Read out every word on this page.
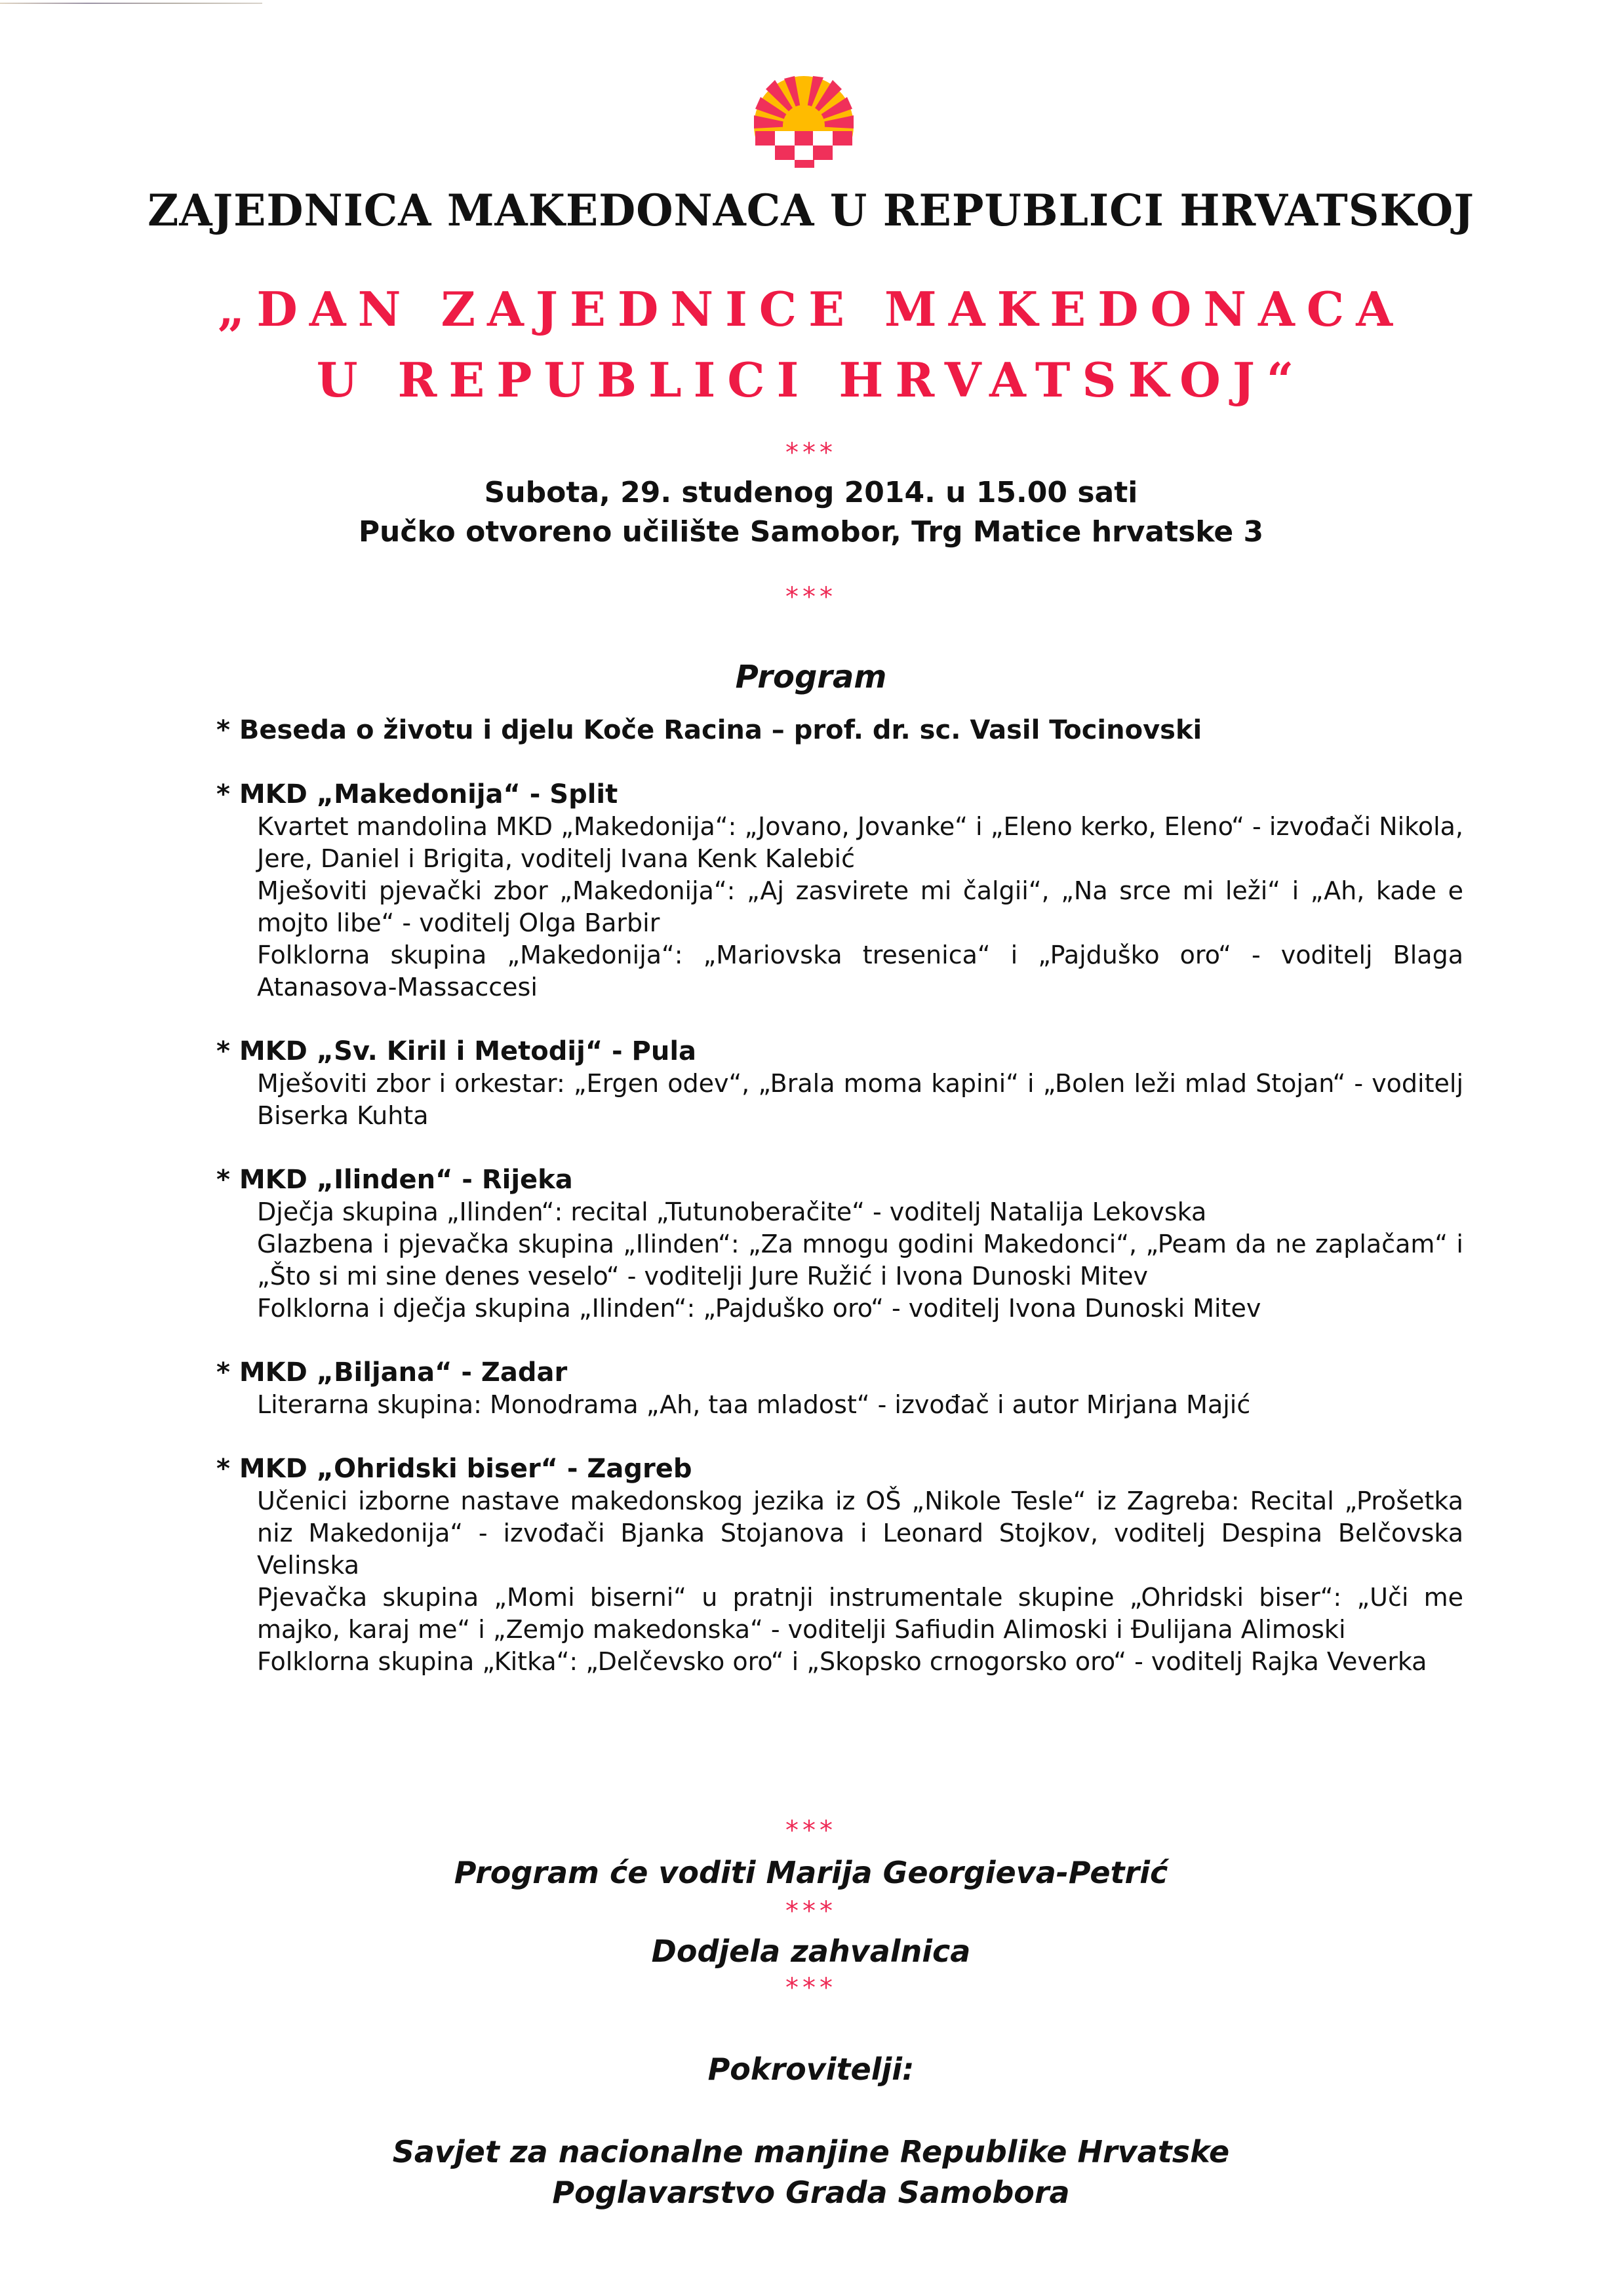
ZAJEDNICA MAKEDONACA U REPUBLICI HRVATSKOJ
„DAN ZAJEDNICE MAKEDONACA
U REPUBLICI HRVATSKOJ“
***
Subota, 29. studenog 2014. u 15.00 sati
Pučko otvoreno učilište Samobor, Trg Matice hrvatske 3
***
Program
* Beseda o životu i djelu Koče Racina – prof. dr. sc. Vasil Tocinovski
* MKD „Makedonija“ - Split
Kvartet mandolina MKD „Makedonija“: „Jovano, Jovanke“ i „Eleno kerko, Eleno“ - izvođači Nikola, Jere, Daniel i Brigita, voditelj Ivana Kenk Kalebić
Mješoviti pjevački zbor „Makedonija“: „Aj zasvirete mi čalgii“, „Na srce mi leži“ i „Ah, kade e mojto libe“ - voditelj Olga Barbir
Folklorna skupina „Makedonija“: „Mariovska tresenica“ i „Pajduško oro“ - voditelj Blaga Atanasova-Massaccesi
* MKD „Sv. Kiril i Metodij“ - Pula
Mješoviti zbor i orkestar: „Ergen odev“, „Brala moma kapini“ i „Bolen leži mlad Stojan“ - voditelj Biserka Kuhta
* MKD „Ilinden“ - Rijeka
Dječja skupina „Ilinden“: recital „Tutunoberačite“ - voditelj Natalija Lekovska
Glazbena i pjevačka skupina „Ilinden“: „Za mnogu godini Makedonci“, „Peam da ne zaplačam“ i „Što si mi sine denes veselo“ - voditelji Jure Ružić i Ivona Dunoski Mitev
Folklorna i dječja skupina „Ilinden“: „Pajduško oro“ - voditelj Ivona Dunoski Mitev
* MKD „Biljana“ - Zadar
Literarna skupina: Monodrama „Ah, taa mladost“ - izvođač i autor Mirjana Majić
* MKD „Ohridski biser“ - Zagreb
Učenici izborne nastave makedonskog jezika iz OŠ „Nikole Tesle“ iz Zagreba: Recital „Prošetka niz Makedonija“ - izvođači Bjanka Stojanova i Leonard Stojkov, voditelj Despina Belčovska Velinska
Pjevačka skupina „Momi biserni“ u pratnji instrumentale skupine „Ohridski biser“: „Uči me majko, karaj me“ i „Zemjo makedonska“ - voditelji Safiudin Alimoski i Đulijana Alimoski
Folklorna skupina „Kitka“: „Delčevsko oro“ i „Skopsko crnogorsko oro“ - voditelj Rajka Veverka
***
Program će voditi Marija Georgieva-Petrić
***
Dodjela zahvalnica
***
Pokrovitelji:
Savjet za nacionalne manjine Republike Hrvatske
Poglavarstvo Grada Samobora
